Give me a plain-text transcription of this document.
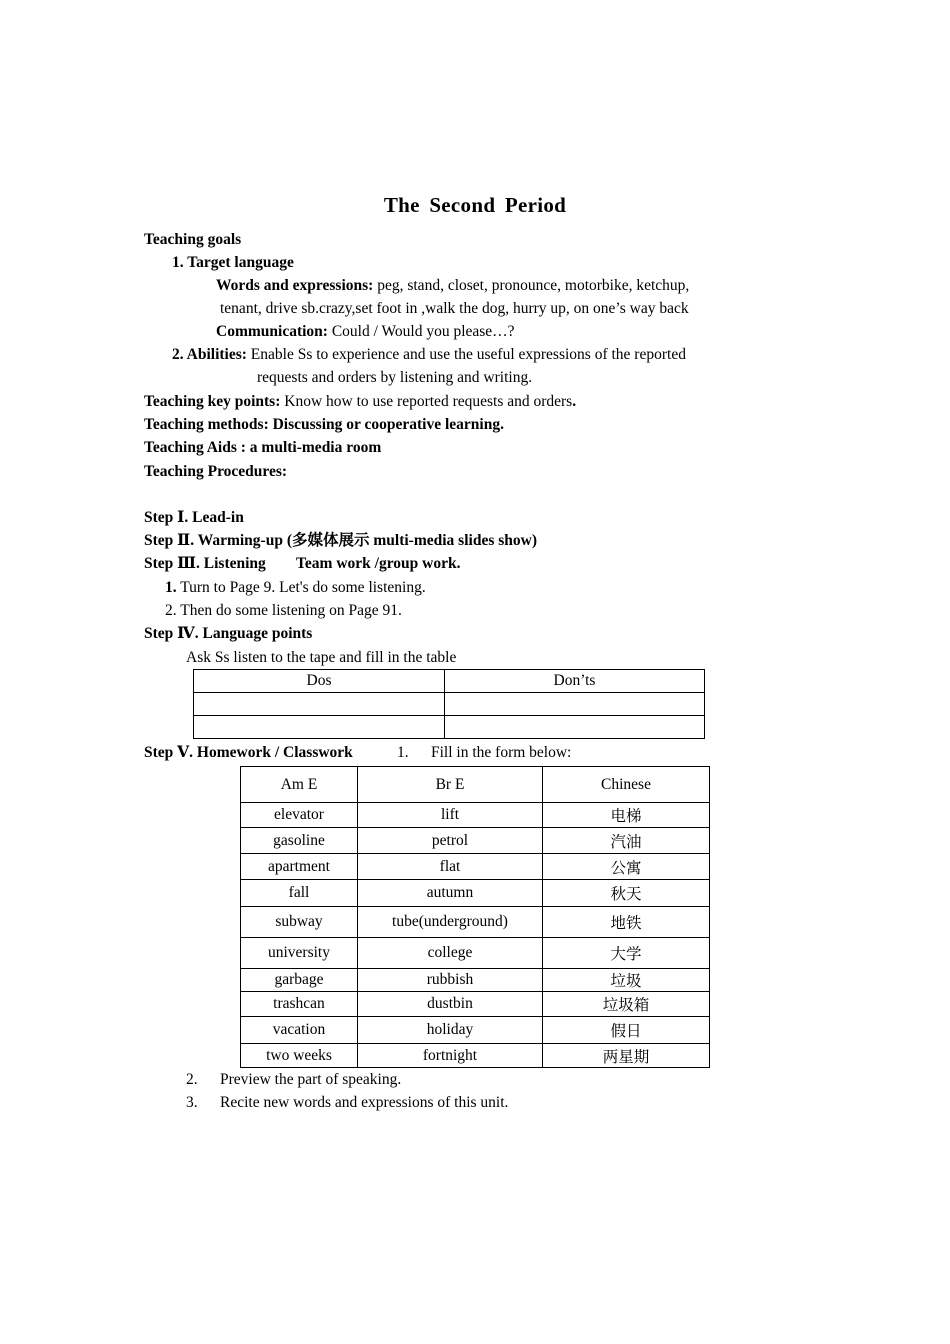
The Second Period
Teaching goals
1. Target language
Words and expressions: peg, stand, closet, pronounce, motorbike, ketchup,
tenant, drive sb.crazy,set foot in ,walk the dog, hurry up, on one’s way back
Communication: Could / Would you please…?
2. Abilities: Enable Ss to experience and use the useful expressions of the reported
requests and orders by listening and writing.
Teaching key points: Know how to use reported requests and orders.
Teaching methods: Discussing or cooperative learning.
Teaching Aids : a multi-media room
Teaching Procedures:
Step Ⅰ. Lead-in
Step Ⅱ. Warming-up (多媒体展示 multi-media slides show)
Step Ⅲ. Listening Team work /group work.
1. Turn to Page 9. Let's do some listening.
2. Then do some listening on Page 91.
Step Ⅳ. Language points
Ask Ss listen to the tape and fill in the table
Dos	Don’ts

Step Ⅴ. Homework / Classwork	1. Fill in the form below:
Am E	Br E	Chinese
elevator	lift	电梯
gasoline	petrol	汽油
apartment	flat	公寓
fall	autumn	秋天
subway	tube(underground)	地铁
university	college	大学
garbage	rubbish	垃圾
trashcan	dustbin	垃圾箱
vacation	holiday	假日
two weeks	fortnight	两星期
2. Preview the part of speaking.
3. Recite new words and expressions of this unit.
